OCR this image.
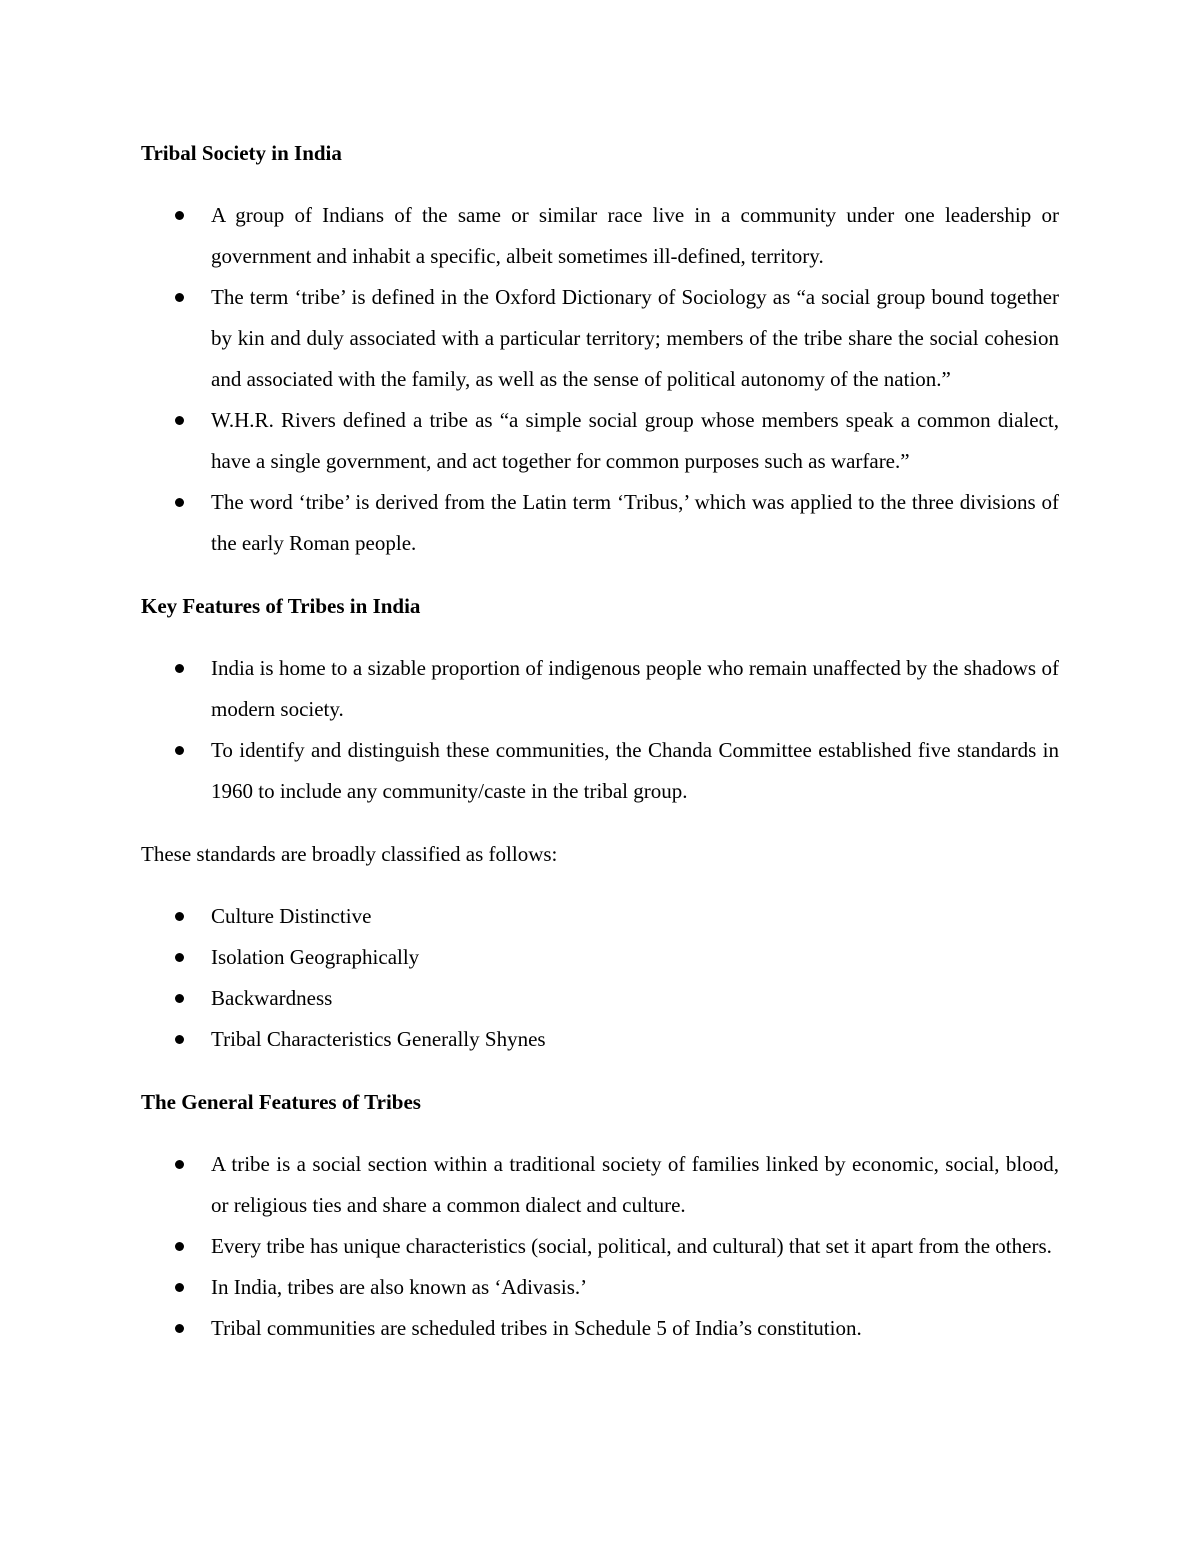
Tribal Society in India
A group of Indians of the same or similar race live in a community under one leadership or government and inhabit a specific, albeit sometimes ill-defined, territory.
The term ‘tribe’ is defined in the Oxford Dictionary of Sociology as “a social group bound together by kin and duly associated with a particular territory; members of the tribe share the social cohesion and associated with the family, as well as the sense of political autonomy of the nation.”
W.H.R. Rivers defined a tribe as “a simple social group whose members speak a common dialect, have a single government, and act together for common purposes such as warfare.”
The word ‘tribe’ is derived from the Latin term ‘Tribus,’ which was applied to the three divisions of the early Roman people.
Key Features of Tribes in India
India is home to a sizable proportion of indigenous people who remain unaffected by the shadows of modern society.
To identify and distinguish these communities, the Chanda Committee established five standards in 1960 to include any community/caste in the tribal group.

These standards are broadly classified as follows:

Culture Distinctive
Isolation Geographically
Backwardness
Tribal Characteristics Generally Shynes
The General Features of Tribes
A tribe is a social section within a traditional society of families linked by economic, social, blood, or religious ties and share a common dialect and culture.
Every tribe has unique characteristics (social, political, and cultural) that set it apart from the others.
In India, tribes are also known as ‘Adivasis.’
Tribal communities are scheduled tribes in Schedule 5 of India’s constitution.
